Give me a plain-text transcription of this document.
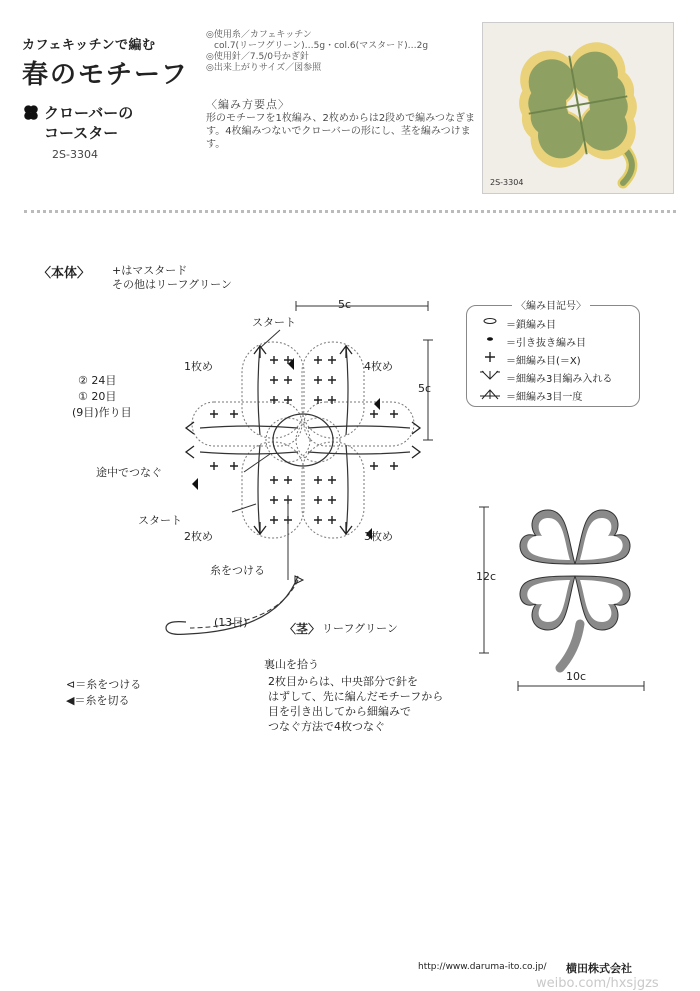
カフェキッチンで編む
春のモチーフ
クローバーの
コースター
2S-3304
◎使用糸／カフェキッチン
col.7(リーフグリーン)…5g・col.6(マスタード)…2g
◎使用針／7.5/0号かぎ針
◎出来上がりサイズ／図参照
〈編み方要点〉
形のモチーフを1枚編み、2枚めからは2段めで編みつなぎます。4枚編みつないでクローバーの形にし、茎を編みつけます。
2S-3304
〈本体〉 +はマスタード
その他はリーフグリーン
5c
5c
スタート
スタート
1枚め	4枚め
2枚め	3枚め
② 24目
① 20目
(9目)作り目
途中でつなぐ
糸をつける
(13目)	〈茎〉 リーフグリーン
裏山を拾う
⊲＝糸をつける
◀＝糸を切る
2枚目からは、中央部分で針を
はずして、先に編んだモチーフから
目を引き出してから細編みで
つなぐ方法で4枚つなぐ
〈編み目記号〉
＝鎖編み目
＝引き抜き編み目
＝細編み目(＝X)
＝細編み3目編み入れる
＝細編み3目一度
12c
10c
http://www.daruma-ito.co.jp/ 横田株式会社
weibo.com/hxsjgzs
